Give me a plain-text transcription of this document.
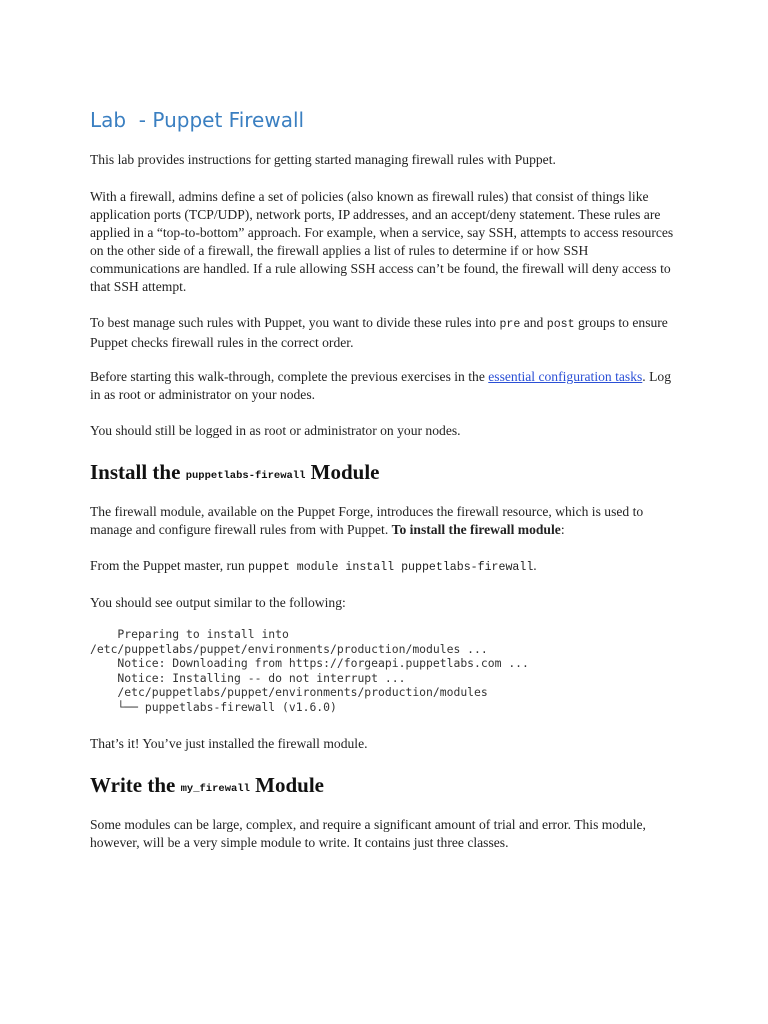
Lab  - Puppet Firewall

This lab provides instructions for getting started managing firewall rules with Puppet.

With a firewall, admins define a set of policies (also known as firewall rules) that consist of things like application ports (TCP/UDP), network ports, IP addresses, and an accept/deny statement. These rules are applied in a “top-to-bottom” approach. For example, when a service, say SSH, attempts to access resources on the other side of a firewall, the firewall applies a list of rules to determine if or how SSH communications are handled. If a rule allowing SSH access can’t be found, the firewall will deny access to that SSH attempt.

To best manage such rules with Puppet, you want to divide these rules into pre and post groups to ensure Puppet checks firewall rules in the correct order.

Before starting this walk-through, complete the previous exercises in the essential configuration tasks. Log in as root or administrator on your nodes.

You should still be logged in as root or administrator on your nodes.

Install the puppetlabs-firewall Module

The firewall module, available on the Puppet Forge, introduces the firewall resource, which is used to manage and configure firewall rules from with Puppet. To install the firewall module:

From the Puppet master, run puppet module install puppetlabs-firewall.

You should see output similar to the following:

Preparing to install into
/etc/puppetlabs/puppet/environments/production/modules ...
Notice: Downloading from https://forgeapi.puppetlabs.com ...
Notice: Installing -- do not interrupt ...
/etc/puppetlabs/puppet/environments/production/modules
└── puppetlabs-firewall (v1.6.0)

That’s it! You’ve just installed the firewall module.

Write the my_firewall Module

Some modules can be large, complex, and require a significant amount of trial and error. This module, however, will be a very simple module to write. It contains just three classes.
